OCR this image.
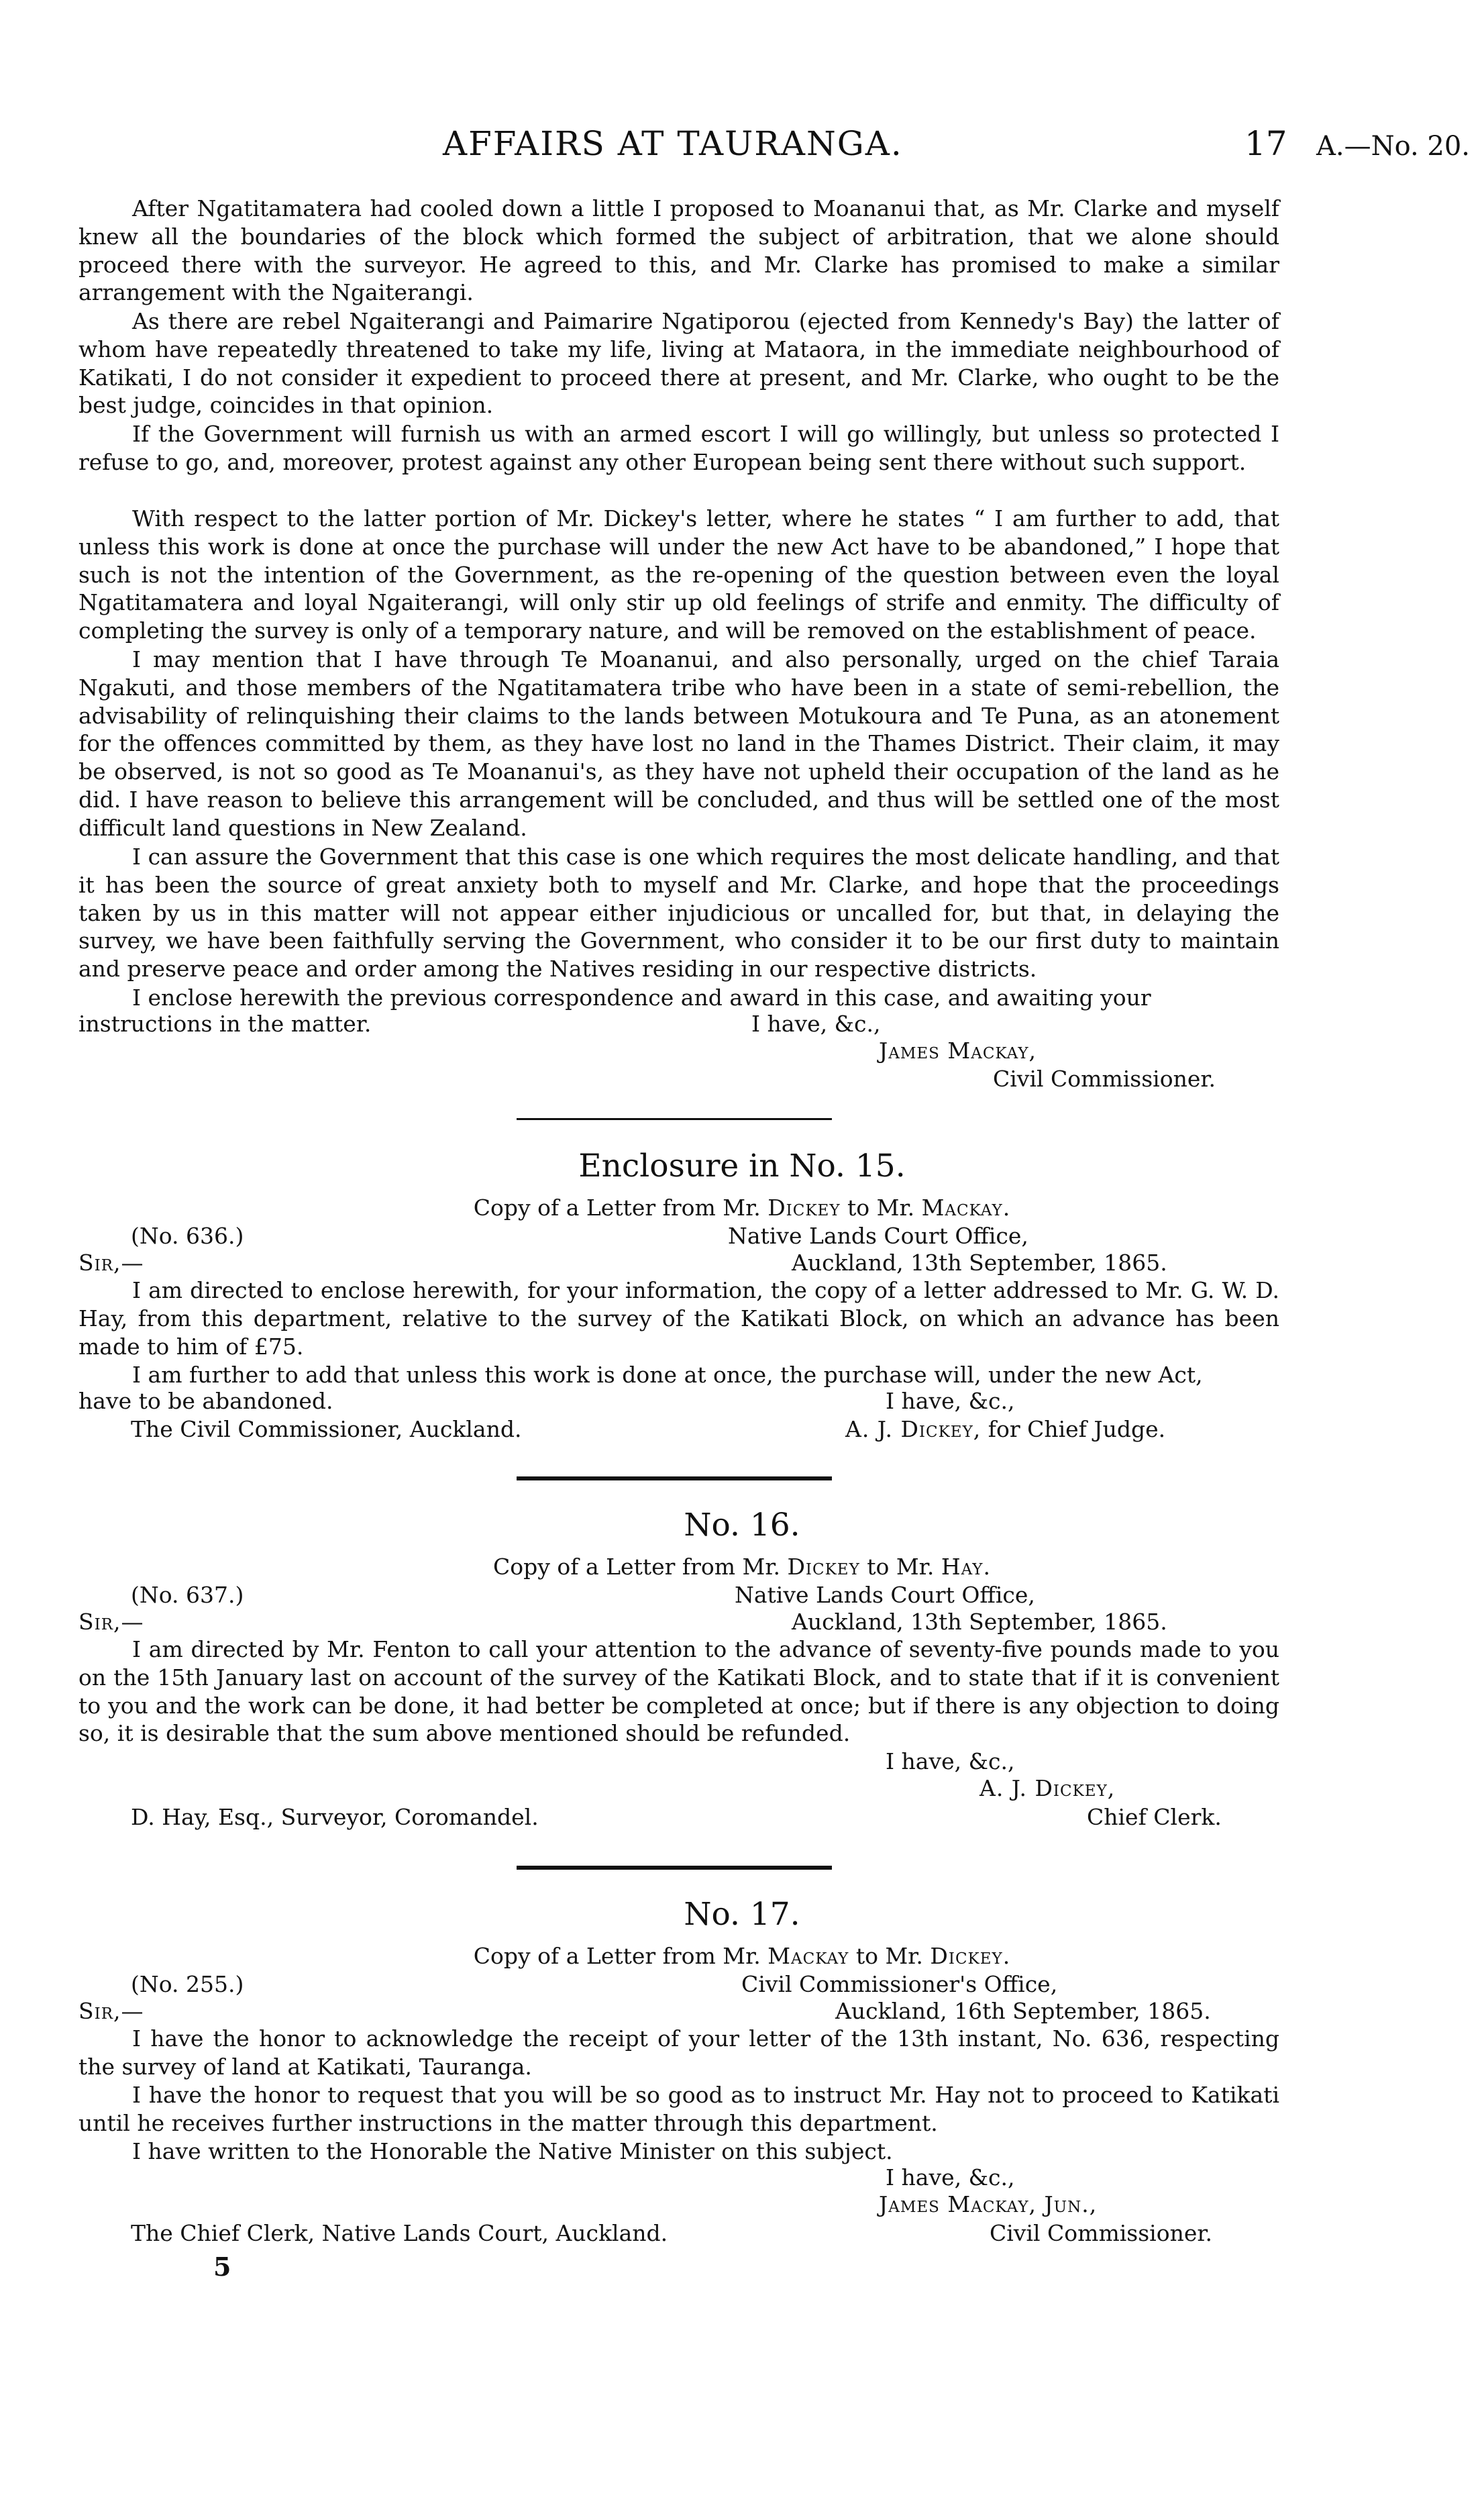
AFFAIRS AT TAURANGA.	17 A.—No. 20.

After Ngatitamatera had cooled down a little I proposed to Moananui that, as Mr. Clarke and myself knew all the boundaries of the block which formed the subject of arbitration, that we alone should proceed there with the surveyor. He agreed to this, and Mr. Clarke has promised to make a similar arrangement with the Ngaiterangi.

As there are rebel Ngaiterangi and Paimarire Ngatiporou (ejected from Kennedy's Bay) the latter of whom have repeatedly threatened to take my life, living at Mataora, in the immediate neighbourhood of Katikati, I do not consider it expedient to proceed there at present, and Mr. Clarke, who ought to be the best judge, coincides in that opinion.

If the Government will furnish us with an armed escort I will go willingly, but unless so protected I refuse to go, and, moreover, protest against any other European being sent there without such support.

With respect to the latter portion of Mr. Dickey's letter, where he states “ I am further to add, that unless this work is done at once the purchase will under the new Act have to be abandoned,” I hope that such is not the intention of the Government, as the re-opening of the question between even the loyal Ngatitamatera and loyal Ngaiterangi, will only stir up old feelings of strife and enmity. The difficulty of completing the survey is only of a temporary nature, and will be removed on the establishment of peace.

I may mention that I have through Te Moananui, and also personally, urged on the chief Taraia Ngakuti, and those members of the Ngatitamatera tribe who have been in a state of semi-rebellion, the advisability of relinquishing their claims to the lands between Motukoura and Te Puna, as an atonement for the offences committed by them, as they have lost no land in the Thames District. Their claim, it may be observed, is not so good as Te Moananui's, as they have not upheld their occupation of the land as he did. I have reason to believe this arrangement will be concluded, and thus will be settled one of the most difficult land questions in New Zealand.

I can assure the Government that this case is one which requires the most delicate handling, and that it has been the source of great anxiety both to myself and Mr. Clarke, and hope that the proceedings taken by us in this matter will not appear either injudicious or uncalled for, but that, in delaying the survey, we have been faithfully serving the Government, who consider it to be our first duty to maintain and preserve peace and order among the Natives residing in our respective districts.

I enclose herewith the previous correspondence and award in this case, and awaiting your

instructions in the matter.	I have, &c.,
James Mackay,
Civil Commissioner.
Enclosure in No. 15.
Copy of a Letter from Mr. Dickey to Mr. Mackay.
(No. 636.)	Native Lands Court Office,
Sir,—	Auckland, 13th September, 1865.

I am directed to enclose herewith, for your information, the copy of a letter addressed to Mr. G. W. D. Hay, from this department, relative to the survey of the Katikati Block, on which an advance has been made to him of £75.

I am further to add that unless this work is done at once, the purchase will, under the new Act,

have to be abandoned.	I have, &c.,
The Civil Commissioner, Auckland.	A. J. Dickey, for Chief Judge.
No. 16.
Copy of a Letter from Mr. Dickey to Mr. Hay.
(No. 637.)	Native Lands Court Office,
Sir,—	Auckland, 13th September, 1865.

I am directed by Mr. Fenton to call your attention to the advance of seventy-five pounds made to you on the 15th January last on account of the survey of the Katikati Block, and to state that if it is convenient to you and the work can be done, it had better be completed at once; but if there is any objection to doing so, it is desirable that the sum above mentioned should be refunded.

I have, &c.,
A. J. Dickey,
D. Hay, Esq., Surveyor, Coromandel.	Chief Clerk.
No. 17.
Copy of a Letter from Mr. Mackay to Mr. Dickey.
(No. 255.)	Civil Commissioner's Office,
Sir,—	Auckland, 16th September, 1865.

I have the honor to acknowledge the receipt of your letter of the 13th instant, No. 636, respecting the survey of land at Katikati, Tauranga.

I have the honor to request that you will be so good as to instruct Mr. Hay not to proceed to Katikati until he receives further instructions in the matter through this department.

I have written to the Honorable the Native Minister on this subject.

I have, &c.,
James Mackay, Jun.,
The Chief Clerk, Native Lands Court, Auckland.	Civil Commissioner.
5
